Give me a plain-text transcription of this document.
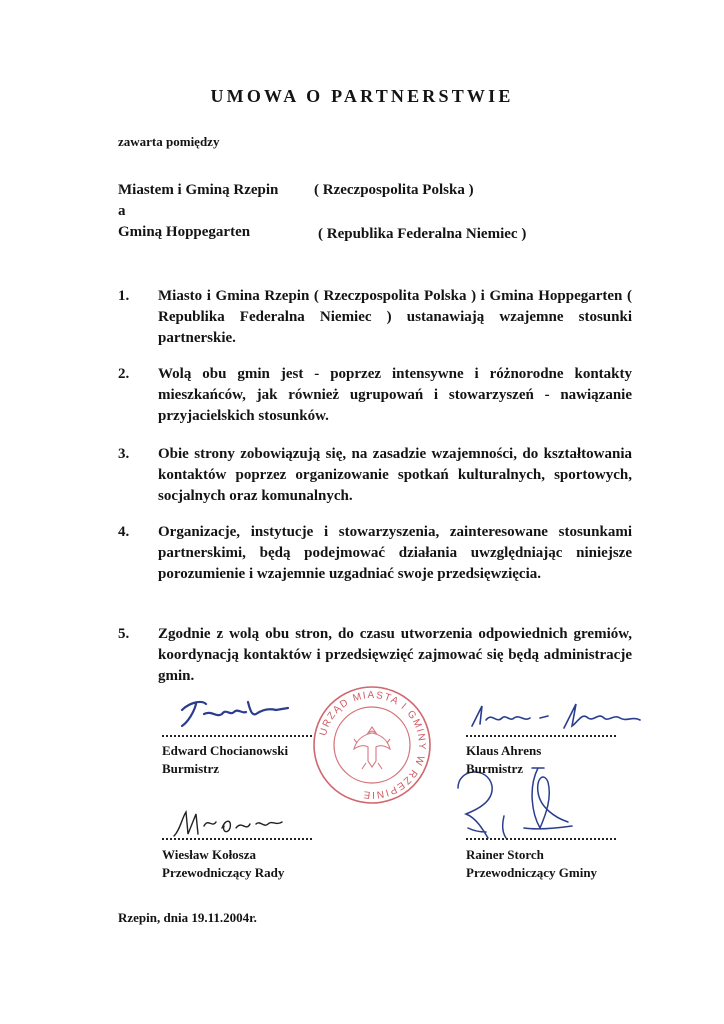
UMOWA O PARTNERSTWIE
zawarta pomiędzy
Miastem i Gminą Rzepin ( Rzeczpospolita Polska )
a
Gminą Hoppegarten	( Republika Federalna Niemiec )
1.	Miasto i Gmina Rzepin ( Rzeczpospolita Polska ) i Gmina Hoppegarten ( Republika Federalna Niemiec ) ustanawiają wzajemne stosunki partnerskie.
2.	Wolą obu gmin jest - poprzez intensywne i różnorodne kontakty mieszkańców, jak również ugrupowań i stowarzyszeń - nawiązanie przyjacielskich stosunków.
3.	Obie strony zobowiązują się, na zasadzie wzajemności, do kształtowania kontaktów poprzez organizowanie spotkań kulturalnych, sportowych, socjalnych oraz komunalnych.
4.	Organizacje, instytucje i stowarzyszenia, zainteresowane stosunkami partnerskimi, będą podejmować działania uwzględniając niniejsze porozumienie i wzajemnie uzgadniać swoje przedsięwzięcia.
5.	Zgodnie z wolą obu stron, do czasu utworzenia odpowiednich gremiów, koordynacją kontaktów i przedsięwzięć zajmować się będą administracje gmin.
URZĄD MIASTA I GMINY W RZEPINIE
Edward Chocianowski
Burmistrz
Klaus Ahrens
Burmistrz
Wiesław Kołosza
Przewodniczący Rady
Rainer Storch
Przewodniczący Gminy
Rzepin, dnia 19.11.2004r.
